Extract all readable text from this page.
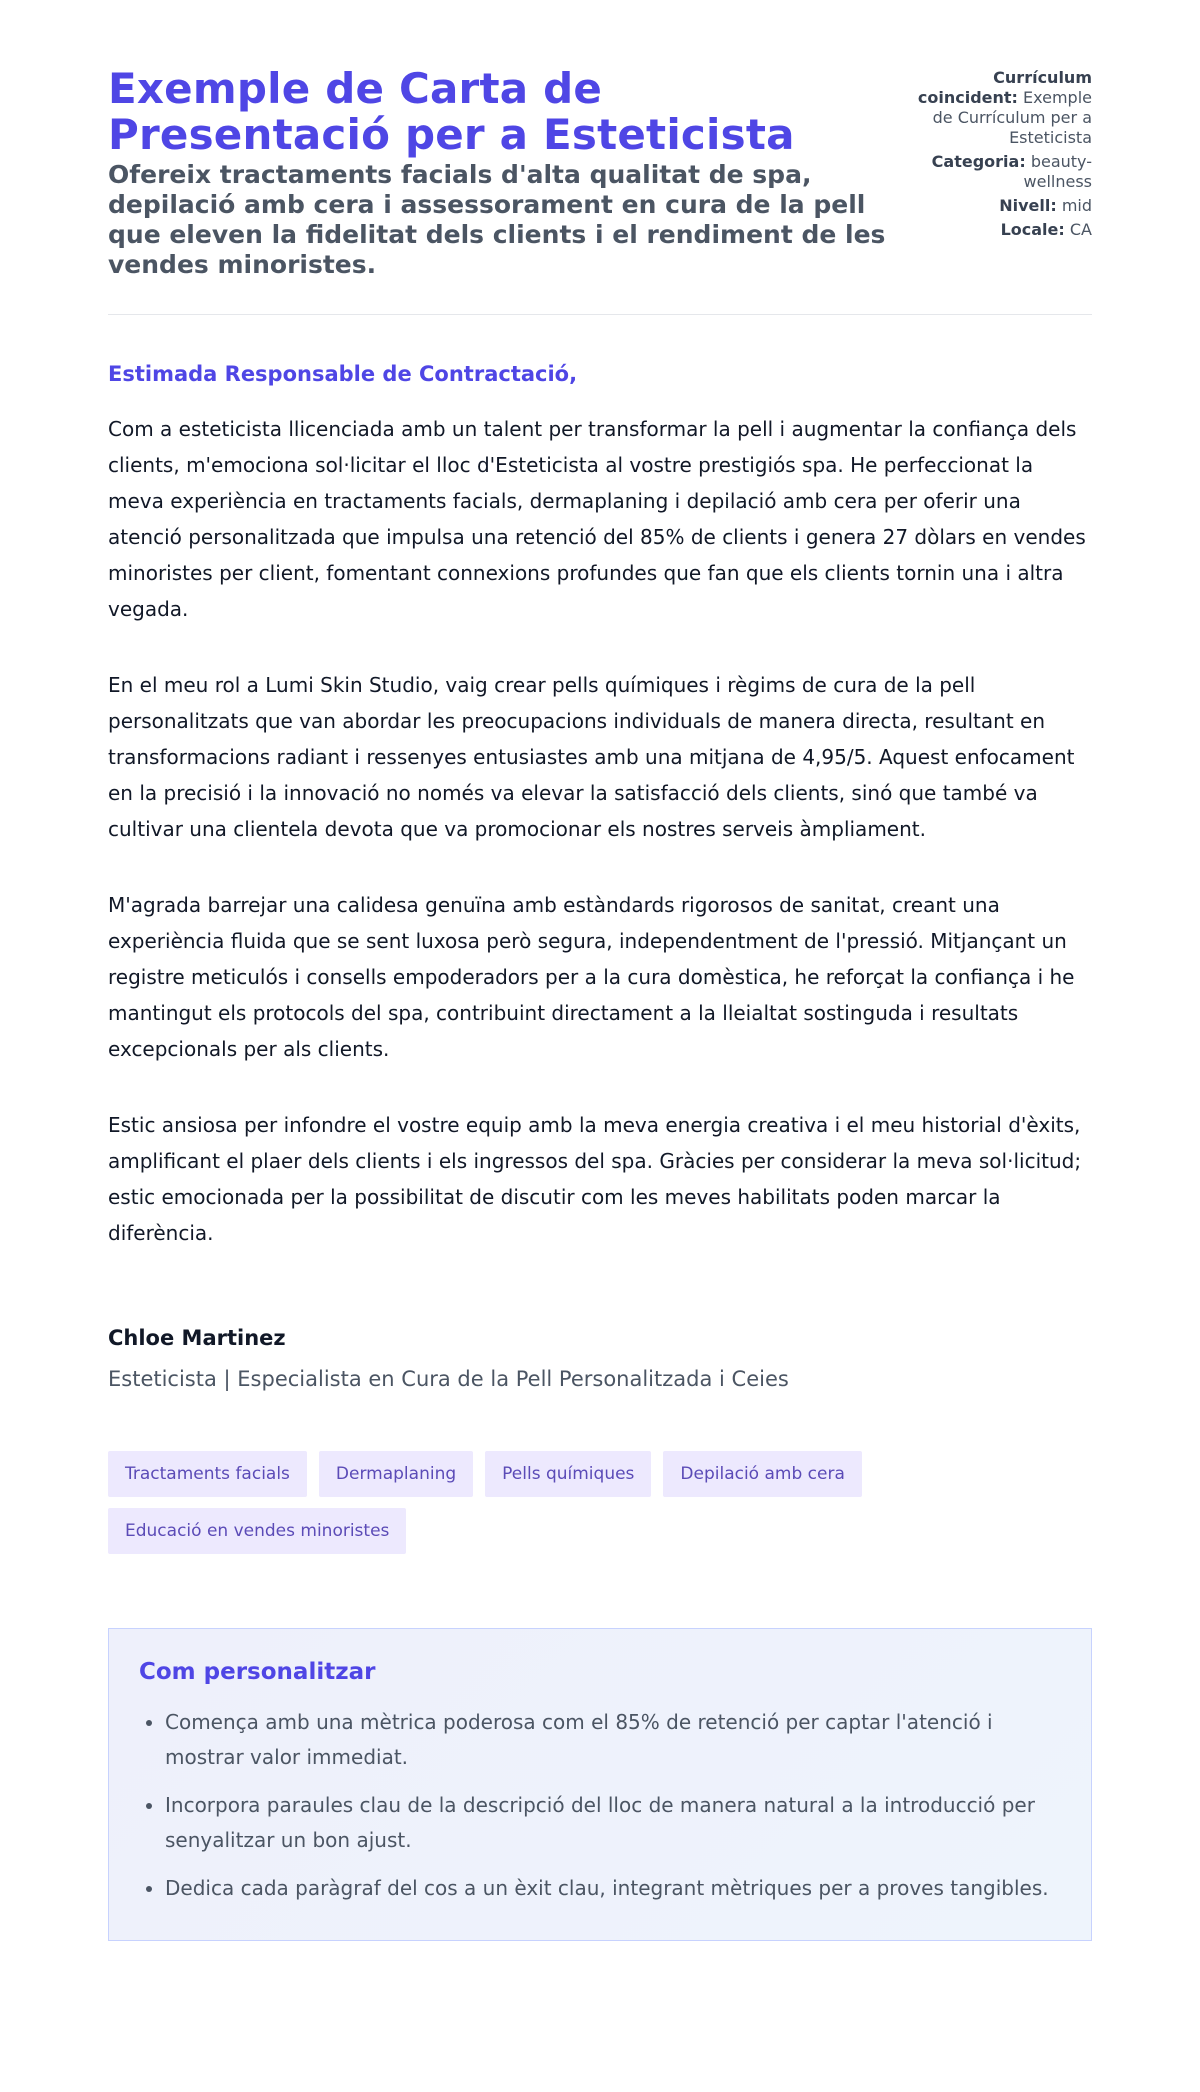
Exemple de Carta de Presentació per a Esteticista
Ofereix tractaments facials d'alta qualitat de spa, depilació amb cera i assessorament en cura de la pell que eleven la fidelitat dels clients i el rendiment de les vendes minoristes.
Currículum coincident: Exemple de Currículum per a Esteticista
Categoria: beauty-wellness
Nivell: mid
Locale: CA

Estimada Responsable de Contractació,

Com a esteticista llicenciada amb un talent per transformar la pell i augmentar la confiança dels clients, m'emociona sol·licitar el lloc d'Esteticista al vostre prestigiós spa. He perfeccionat la meva experiència en tractaments facials, dermaplaning i depilació amb cera per oferir una atenció personalitzada que impulsa una retenció del 85% de clients i genera 27 dòlars en vendes minoristes per client, fomentant connexions profundes que fan que els clients tornin una i altra vegada.

En el meu rol a Lumi Skin Studio, vaig crear pells químiques i règims de cura de la pell personalitzats que van abordar les preocupacions individuals de manera directa, resultant en transformacions radiant i ressenyes entusiastes amb una mitjana de 4,95/5. Aquest enfocament en la precisió i la innovació no només va elevar la satisfacció dels clients, sinó que també va cultivar una clientela devota que va promocionar els nostres serveis àmpliament.

M'agrada barrejar una calidesa genuïna amb estàndards rigorosos de sanitat, creant una experiència fluida que se sent luxosa però segura, independentment de l'pressió. Mitjançant un registre meticulós i consells empoderadors per a la cura domèstica, he reforçat la confiança i he mantingut els protocols del spa, contribuint directament a la lleialtat sostinguda i resultats excepcionals per als clients.

Estic ansiosa per infondre el vostre equip amb la meva energia creativa i el meu historial d'èxits, amplificant el plaer dels clients i els ingressos del spa. Gràcies per considerar la meva sol·licitud; estic emocionada per la possibilitat de discutir com les meves habilitats poden marcar la diferència.

Chloe Martinez
Esteticista | Especialista en Cura de la Pell Personalitzada i Ceies
Tractaments facials	Dermaplaning	Pells químiques	Depilació amb cera
Educació en vendes minoristes
Com personalitzar
• Comença amb una mètrica poderosa com el 85% de retenció per captar l'atenció i mostrar valor immediat.
• Incorpora paraules clau de la descripció del lloc de manera natural a la introducció per senyalitzar un bon ajust.
• Dedica cada paràgraf del cos a un èxit clau, integrant mètriques per a proves tangibles.
